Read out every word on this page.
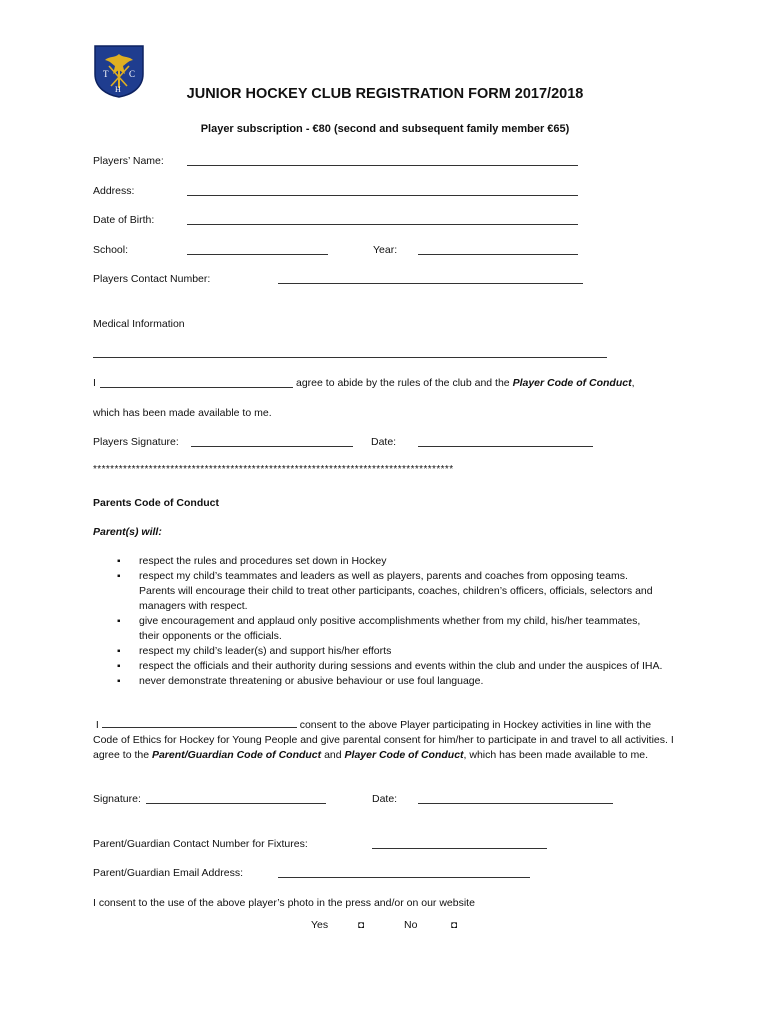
T C
H	JUNIOR HOCKEY CLUB REGISTRATION FORM 2017/2018
Player subscription - €80 (second and subsequent family member €65)
Players’ Name:
Address:
Date of Birth:
School:	Year:
Players Contact Number:
Medical Information
I	agree to abide by the rules of the club and the Player Code of Conduct,
which has been made available to me.
Players Signature:	Date:
************************************************************************************
Parents Code of Conduct
Parent(s) will:
▪ respect the rules and procedures set down in Hockey
▪ respect my child’s teammates and leaders as well as players, parents and coaches from opposing teams. Parents will encourage their child to treat other participants, coaches, children’s officers, officials, selectors and managers with respect.
▪ give encouragement and applaud only positive accomplishments whether from my child, his/her teammates, their opponents or the officials.
▪ respect my child’s leader(s) and support his/her efforts
▪ respect the officials and their authority during sessions and events within the club and under the auspices of IHA.
▪ never demonstrate threatening or abusive behaviour or use foul language.
I	consent to the above Player participating in Hockey activities in line with the Code of Ethics for Hockey for Young People and give parental consent for him/her to participate in and travel to all activities. I agree to the Parent/Guardian Code of Conduct and Player Code of Conduct, which has been made available to me.
Signature:	Date:
Parent/Guardian Contact Number for Fixtures:
Parent/Guardian Email Address:
I consent to the use of the above player’s photo in the press and/or on our website
Yes	◘	No	◘
